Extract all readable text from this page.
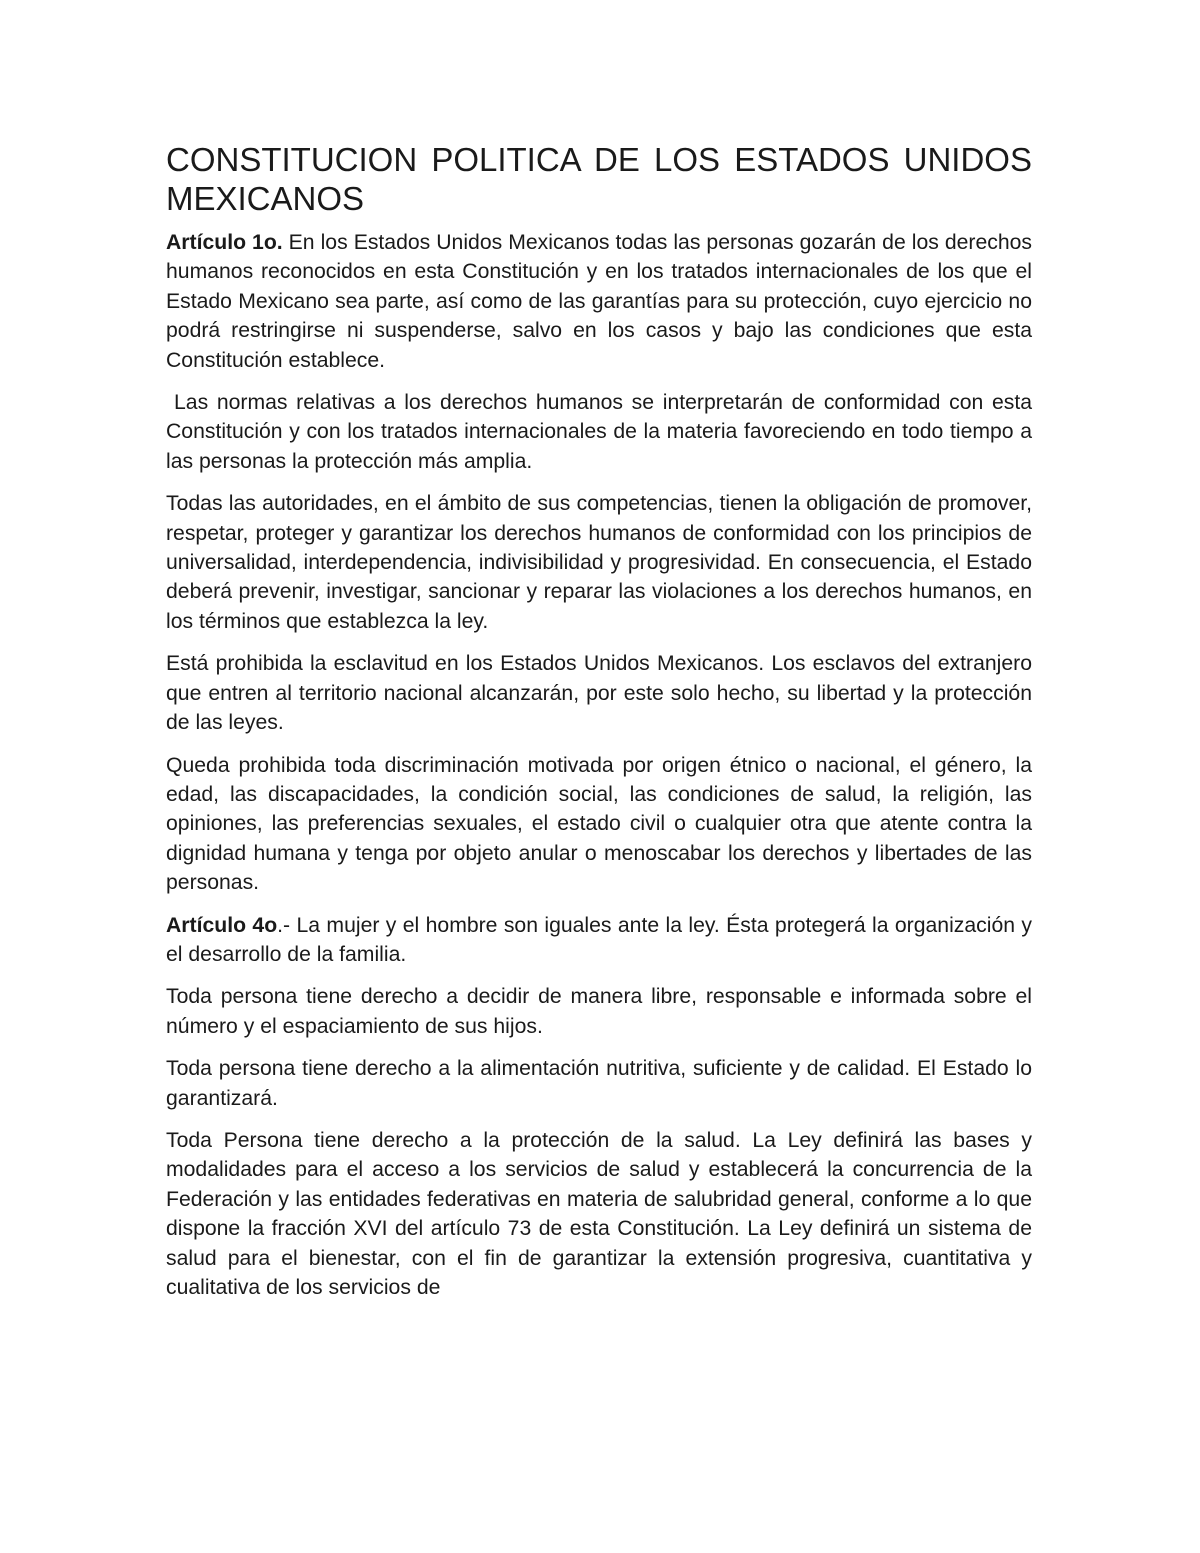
CONSTITUCION POLITICA DE LOS ESTADOS UNIDOS MEXICANOS

Artículo 1o. En los Estados Unidos Mexicanos todas las personas gozarán de los derechos humanos reconocidos en esta Constitución y en los tratados internacionales de los que el Estado Mexicano sea parte, así como de las garantías para su protección, cuyo ejercicio no podrá restringirse ni suspenderse, salvo en los casos y bajo las condiciones que esta Constitución establece.

Las normas relativas a los derechos humanos se interpretarán de conformidad con esta Constitución y con los tratados internacionales de la materia favoreciendo en todo tiempo a las personas la protección más amplia.

Todas las autoridades, en el ámbito de sus competencias, tienen la obligación de promover, respetar, proteger y garantizar los derechos humanos de conformidad con los principios de universalidad, interdependencia, indivisibilidad y progresividad. En consecuencia, el Estado deberá prevenir, investigar, sancionar y reparar las violaciones a los derechos humanos, en los términos que establezca la ley.

Está prohibida la esclavitud en los Estados Unidos Mexicanos. Los esclavos del extranjero que entren al territorio nacional alcanzarán, por este solo hecho, su libertad y la protección de las leyes.

Queda prohibida toda discriminación motivada por origen étnico o nacional, el género, la edad, las discapacidades, la condición social, las condiciones de salud, la religión, las opiniones, las preferencias sexuales, el estado civil o cualquier otra que atente contra la dignidad humana y tenga por objeto anular o menoscabar los derechos y libertades de las personas.

Artículo 4o.- La mujer y el hombre son iguales ante la ley. Ésta protegerá la organización y el desarrollo de la familia.

Toda persona tiene derecho a decidir de manera libre, responsable e informada sobre el número y el espaciamiento de sus hijos.

Toda persona tiene derecho a la alimentación nutritiva, suficiente y de calidad. El Estado lo garantizará.

Toda Persona tiene derecho a la protección de la salud. La Ley definirá las bases y modalidades para el acceso a los servicios de salud y establecerá la concurrencia de la Federación y las entidades federativas en materia de salubridad general, conforme a lo que dispone la fracción XVI del artículo 73 de esta Constitución. La Ley definirá un sistema de salud para el bienestar, con el fin de garantizar la extensión progresiva, cuantitativa y cualitativa de los servicios de
